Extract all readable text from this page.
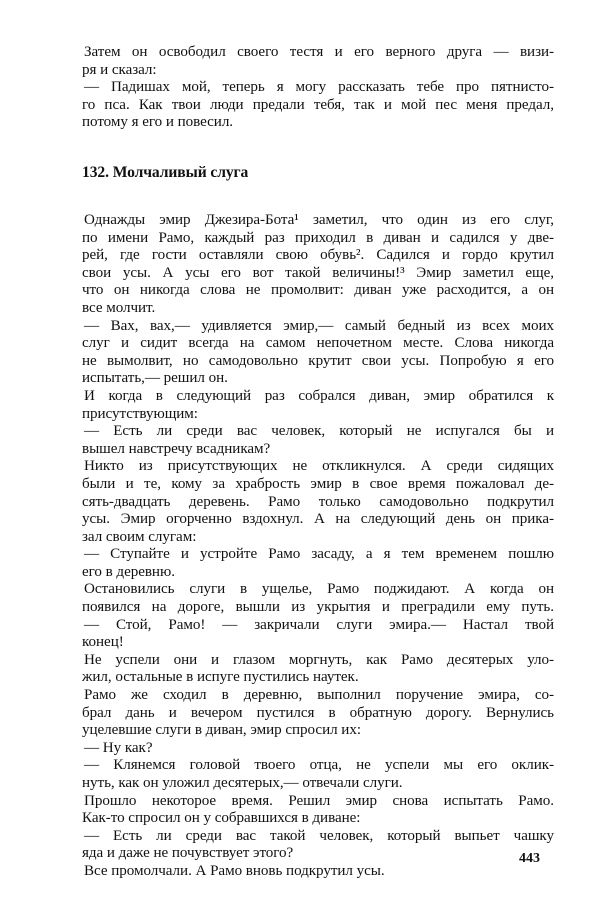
Затем он освободил своего тестя и его верного друга — визи-
ря и сказал:
— Падишах мой, теперь я могу рассказать тебе про пятнисто-
го пса. Как твои люди предали тебя, так и мой пес меня предал,
потому я его и повесил.
132. Молчаливый слуга
Однажды эмир Джезира-Бота¹ заметил, что один из его слуг,
по имени Рамо, каждый раз приходил в диван и садился у две-
рей, где гости оставляли свою обувь². Садился и гордо крутил
свои усы. А усы его вот такой величины!³ Эмир заметил еще,
что он никогда слова не промолвит: диван уже расходится, а он
все молчит.
— Вах, вах,— удивляется эмир,— самый бедный из всех моих
слуг и сидит всегда на самом непочетном месте. Слова никогда
не вымолвит, но самодовольно крутит свои усы. Попробую я его
испытать,— решил он.
И когда в следующий раз собрался диван, эмир обратился к
присутствующим:
— Есть ли среди вас человек, который не испугался бы и
вышел навстречу всадникам?
Никто из присутствующих не откликнулся. А среди сидящих
были и те, кому за храбрость эмир в свое время пожаловал де-
сять-двадцать деревень. Рамо только самодовольно подкрутил
усы. Эмир огорченно вздохнул. А на следующий день он прика-
зал своим слугам:
— Ступайте и устройте Рамо засаду, а я тем временем пошлю
его в деревню.
Остановились слуги в ущелье, Рамо поджидают. А когда он
появился на дороге, вышли из укрытия и преградили ему путь.
— Стой, Рамо! — закричали слуги эмира.— Настал твой
конец!
Не успели они и глазом моргнуть, как Рамо десятерых уло-
жил, остальные в испуге пустились наутек.
Рамо же сходил в деревню, выполнил поручение эмира, со-
брал дань и вечером пустился в обратную дорогу. Вернулись
уцелевшие слуги в диван, эмир спросил их:
— Ну как?
— Клянемся головой твоего отца, не успели мы его оклик-
нуть, как он уложил десятерых,— отвечали слуги.
Прошло некоторое время. Решил эмир снова испытать Рамо.
Как-то спросил он у собравшихся в диване:
— Есть ли среди вас такой человек, который выпьет чашку
яда и даже не почувствует этого?
Все промолчали. А Рамо вновь подкрутил усы.
443
